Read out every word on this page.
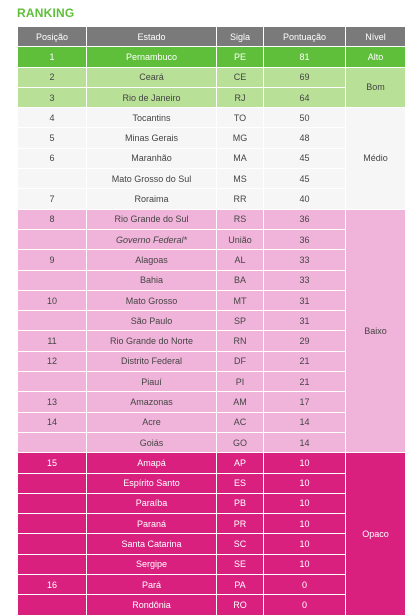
RANKING
Posição	Estado	Sigla	Pontuação	Nível
1	Pernambuco	PE	81	Alto
2	Ceará	CE	69	Bom
3	Rio de Janeiro	RJ	64	
4	Tocantins	TO	50	Médio
5	Minas Gerais	MG	48	
6	Maranhão	MA	45	
	Mato Grosso do Sul	MS	45	
7	Roraima	RR	40	
8	Rio Grande do Sul	RS	36	Baixo
	Governo Federal*	União	36	
9	Alagoas	AL	33	
	Bahia	BA	33	
10	Mato Grosso	MT	31	
	São Paulo	SP	31	
11	Rio Grande do Norte	RN	29	
12	Distrito Federal	DF	21	
	Piauí	PI	21	
13	Amazonas	AM	17	
14	Acre	AC	14	
	Goiás	GO	14	
15	Amapá	AP	10	Opaco
	Espírito Santo	ES	10	
	Paraíba	PB	10	
	Paraná	PR	10	
	Santa Catarina	SC	10	
	Sergipe	SE	10	
16	Pará	PA	0	
	Rondônia	RO	0	
